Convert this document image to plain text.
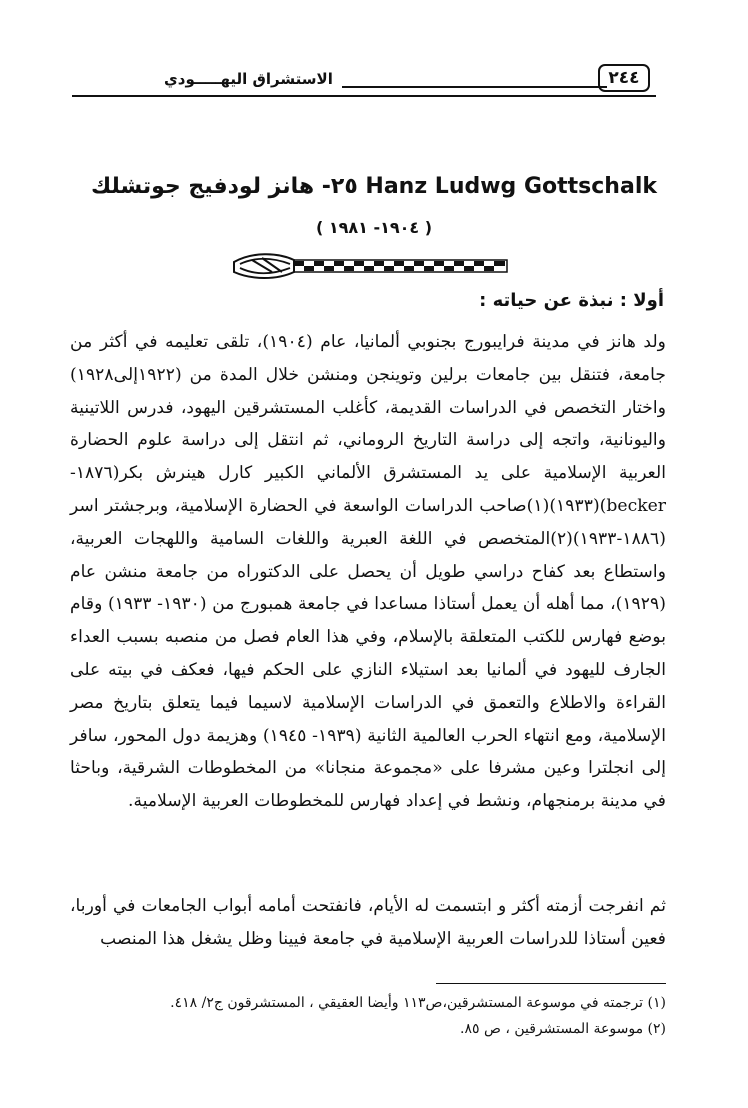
الاستشراق اليهـــــودي	٢٤٤
٢٥- هانز لودفيج جوتشلك Hanz Ludwg Gottschalk
( ١٩٠٤- ١٩٨١ )
أولا : نبذة عن حياته :

ولد هانز في مدينة فرايبورج بجنوبي ألمانيا، عام (١٩٠٤)، تلقى تعليمه في أكثر من جامعة، فتنقل بين جامعات برلين وتوينجن ومنشن خلال المدة من (١٩٢٢إلى١٩٢٨) واختار التخصص في الدراسات القديمة، كأغلب المستشرقين اليهود، فدرس اللاتينية واليونانية، واتجه إلى دراسة التاريخ الروماني، ثم انتقل إلى دراسة علوم الحضارة العربية الإسلامية على يد المستشرق الألماني الكبير كارل هينرش بكر(١٨٧٦-becker)(١٩٣٣)(١)صاحب الدراسات الواسعة في الحضارة الإسلامية، وبرجشتر اسر (١٨٨٦-١٩٣٣)(٢)المتخصص في اللغة العبرية واللغات السامية واللهجات العربية، واستطاع بعد كفاح دراسي طويل أن يحصل على الدكتوراه من جامعة منشن عام (١٩٢٩)، مما أهله أن يعمل أستاذا مساعدا في جامعة همبورج من (١٩٣٠- ١٩٣٣) وقام بوضع فهارس للكتب المتعلقة بالإسلام، وفي هذا العام فصل من منصبه بسبب العداء الجارف لليهود في ألمانيا بعد استيلاء النازي على الحكم فيها، فعكف في بيته على القراءة والاطلاع والتعمق في الدراسات الإسلامية لاسيما فيما يتعلق بتاريخ مصر الإسلامية، ومع انتهاء الحرب العالمية الثانية (١٩٣٩- ١٩٤٥) وهزيمة دول المحور، سافر إلى انجلترا وعين مشرفا على «مجموعة منجانا» من المخطوطات الشرقية، وباحثا في مدينة برمنجهام، ونشط في إعداد فهارس للمخطوطات العربية الإسلامية.

ثم انفرجت أزمته أكثر و ابتسمت له الأيام، فانفتحت أمامه أبواب الجامعات في أوربا، فعين أستاذا للدراسات العربية الإسلامية في جامعة فيينا وظل يشغل هذا المنصب

(١) ترجمته في موسوعة المستشرقين،ص١١٣ وأيضا العقيقي ، المستشرقون ج٢/ ٤١٨.
(٢) موسوعة المستشرقين ، ص ٨٥.
